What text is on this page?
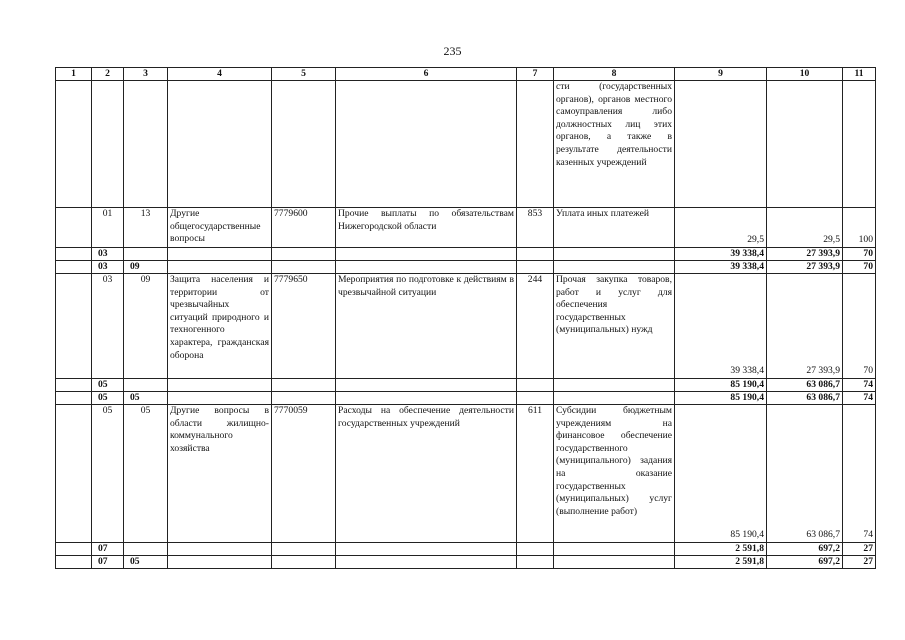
235
1	2	3	4	5	6	7	8	9	10	11
							сти (государственных органов), органов местного самоуправления либо должностных лиц этих органов, а также в результате деятельности казенных учреждений			
	01	13	Другие общегосударственные вопросы	7779600	Прочие выплаты по обязательствам Нижегородской области	853	Уплата иных платежей	29,5	29,5	100
	03							39 338,4	27 393,9	70
	03	09						39 338,4	27 393,9	70
	03	09	Защита населения и территории от чрезвычайных ситуаций природного и техногенного характера, гражданская оборона	7779650	Мероприятия по подготовке к действиям в чрезвычайной ситуации	244	Прочая закупка товаров, работ и услуг для обеспечения государственных (муниципальных) нужд	39 338,4	27 393,9	70
	05							85 190,4	63 086,7	74
	05	05						85 190,4	63 086,7	74
	05	05	Другие вопросы в области жилищно-коммунального хозяйства	7770059	Расходы на обеспечение деятельности государственных учреждений	611	Субсидии бюджетным учреждениям на финансовое обеспечение государственного (муниципального) задания на оказание государственных (муниципальных) услуг (выполнение работ)	85 190,4	63 086,7	74
	07							2 591,8	697,2	27
	07	05						2 591,8	697,2	27
